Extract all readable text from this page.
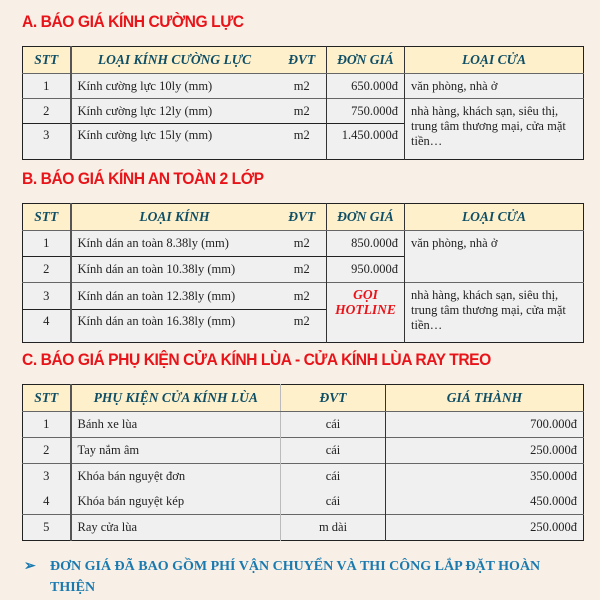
A. BÁO GIÁ KÍNH CƯỜNG LỰC
STT	LOẠI KÍNH CƯỜNG LỰC	ĐVT	ĐƠN GIÁ	LOẠI CỬA
1	Kính cường lực 10ly (mm)	m2	650.000đ	văn phòng, nhà ở
2	Kính cường lực 12ly (mm)	m2	750.000đ	nhà hàng, khách sạn, siêu thị, trung tâm thương mại, cửa mặt tiền…
3	Kính cường lực 15ly (mm)	m2	1.450.000đ	
B. BÁO GIÁ KÍNH AN TOÀN 2 LỚP
STT	LOẠI KÍNH	ĐVT	ĐƠN GIÁ	LOẠI CỬA
1	Kính dán an toàn 8.38ly (mm)	m2	850.000đ	văn phòng, nhà ở
2	Kính dán an toàn 10.38ly (mm)	m2	950.000đ	
3	Kính dán an toàn 12.38ly (mm)	m2	GỌI HOTLINE	nhà hàng, khách sạn, siêu thị, trung tâm thương mại, cửa mặt tiền…
4	Kính dán an toàn 16.38ly (mm)	m2		
C. BÁO GIÁ PHỤ KIỆN CỬA KÍNH LÙA - CỬA KÍNH LÙA RAY TREO
STT	PHỤ KIỆN CỬA KÍNH LÙA	ĐVT	GIÁ THÀNH
1	Bánh xe lùa	cái	700.000đ
2	Tay nắm âm	cái	250.000đ
3	Khóa bán nguyệt đơn	cái	350.000đ
4	Khóa bán nguyệt kép	cái	450.000đ
5	Ray cửa lùa	m dài	250.000đ
➢ ĐƠN GIÁ ĐÃ BAO GỒM PHÍ VẬN CHUYỂN VÀ THI CÔNG LẮP ĐẶT HOÀN THIỆN
